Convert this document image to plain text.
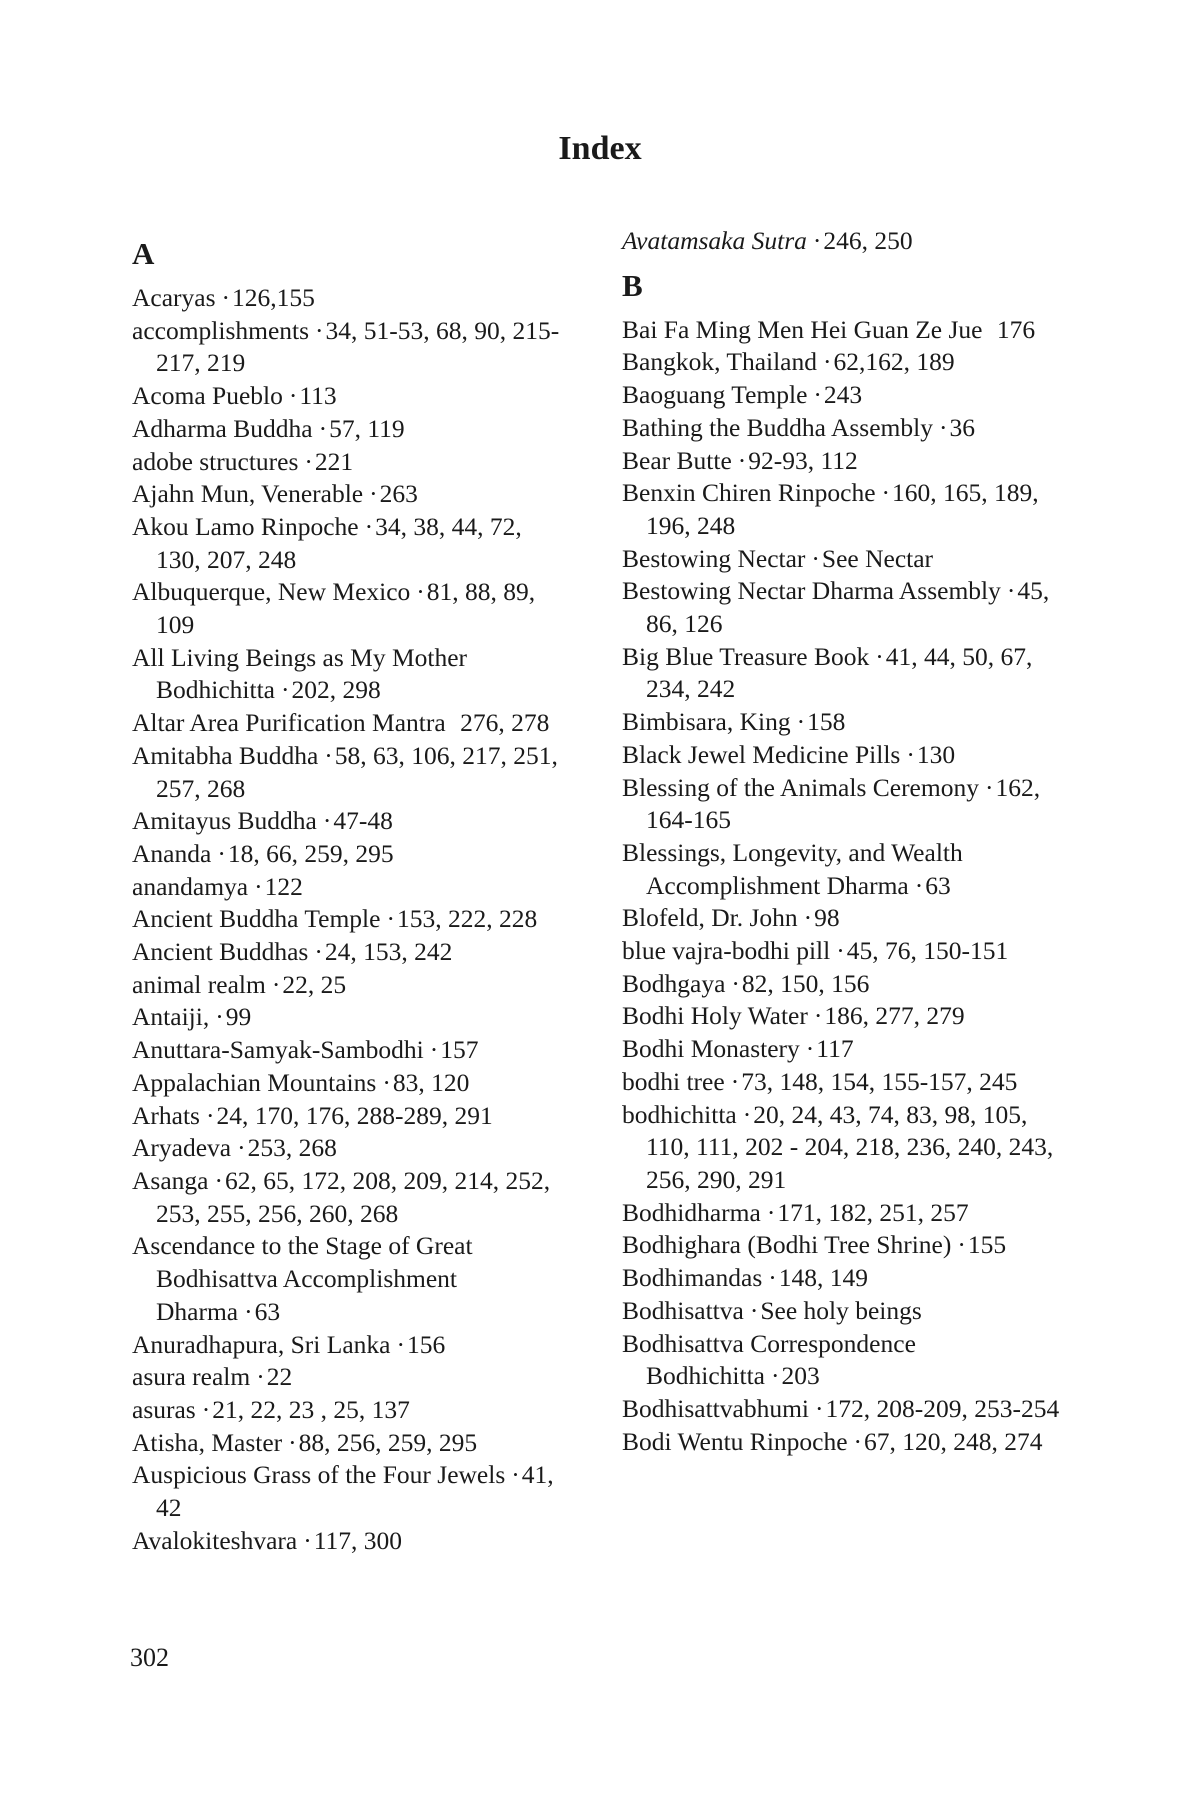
Index
A

Acaryas ·126,155

accomplishments ·34, 51-53, 68, 90, 215-217, 219

Acoma Pueblo ·113

Adharma Buddha ·57, 119

adobe structures ·221

Ajahn Mun, Venerable ·263

Akou Lamo Rinpoche ·34, 38, 44, 72, 130, 207, 248

Albuquerque, New Mexico ·81, 88, 89, 109

All Living Beings as My Mother Bodhichitta ·202, 298

Altar Area Purification Mantra 276, 278

Amitabha Buddha ·58, 63, 106, 217, 251, 257, 268

Amitayus Buddha ·47-48

Ananda ·18, 66, 259, 295

anandamya ·122

Ancient Buddha Temple ·153, 222, 228

Ancient Buddhas ·24, 153, 242

animal realm ·22, 25

Antaiji, ·99

Anuttara-Samyak-Sambodhi ·157

Appalachian Mountains ·83, 120

Arhats ·24, 170, 176, 288-289, 291

Aryadeva ·253, 268

Asanga ·62, 65, 172, 208, 209, 214, 252, 253, 255, 256, 260, 268

Ascendance to the Stage of Great Bodhisattva Accomplishment Dharma ·63

Anuradhapura, Sri Lanka ·156

asura realm ·22

asuras ·21, 22, 23 , 25, 137

Atisha, Master ·88, 256, 259, 295

Auspicious Grass of the Four Jewels ·41, 42

Avalokiteshvara ·117, 300

Avatamsaka Sutra ·246, 250

B

Bai Fa Ming Men Hei Guan Ze Jue 176

Bangkok, Thailand ·62,162, 189

Baoguang Temple ·243

Bathing the Buddha Assembly ·36

Bear Butte ·92-93, 112

Benxin Chiren Rinpoche ·160, 165, 189, 196, 248

Bestowing Nectar ·See Nectar

Bestowing Nectar Dharma Assembly ·45, 86, 126

Big Blue Treasure Book ·41, 44, 50, 67, 234, 242

Bimbisara, King ·158

Black Jewel Medicine Pills ·130

Blessing of the Animals Ceremony ·162, 164-165

Blessings, Longevity, and Wealth Accomplishment Dharma ·63

Blofeld, Dr. John ·98

blue vajra-bodhi pill ·45, 76, 150-151

Bodhgaya ·82, 150, 156

Bodhi Holy Water ·186, 277, 279

Bodhi Monastery ·117

bodhi tree ·73, 148, 154, 155-157, 245

bodhichitta ·20, 24, 43, 74, 83, 98, 105, 110, 111, 202 - 204, 218, 236, 240, 243, 256, 290, 291

Bodhidharma ·171, 182, 251, 257

Bodhighara (Bodhi Tree Shrine) ·155

Bodhimandas ·148, 149

Bodhisattva ·See holy beings

Bodhisattva Correspondence Bodhichitta ·203

Bodhisattvabhumi ·172, 208-209, 253-254

Bodi Wentu Rinpoche ·67, 120, 248, 274

302
